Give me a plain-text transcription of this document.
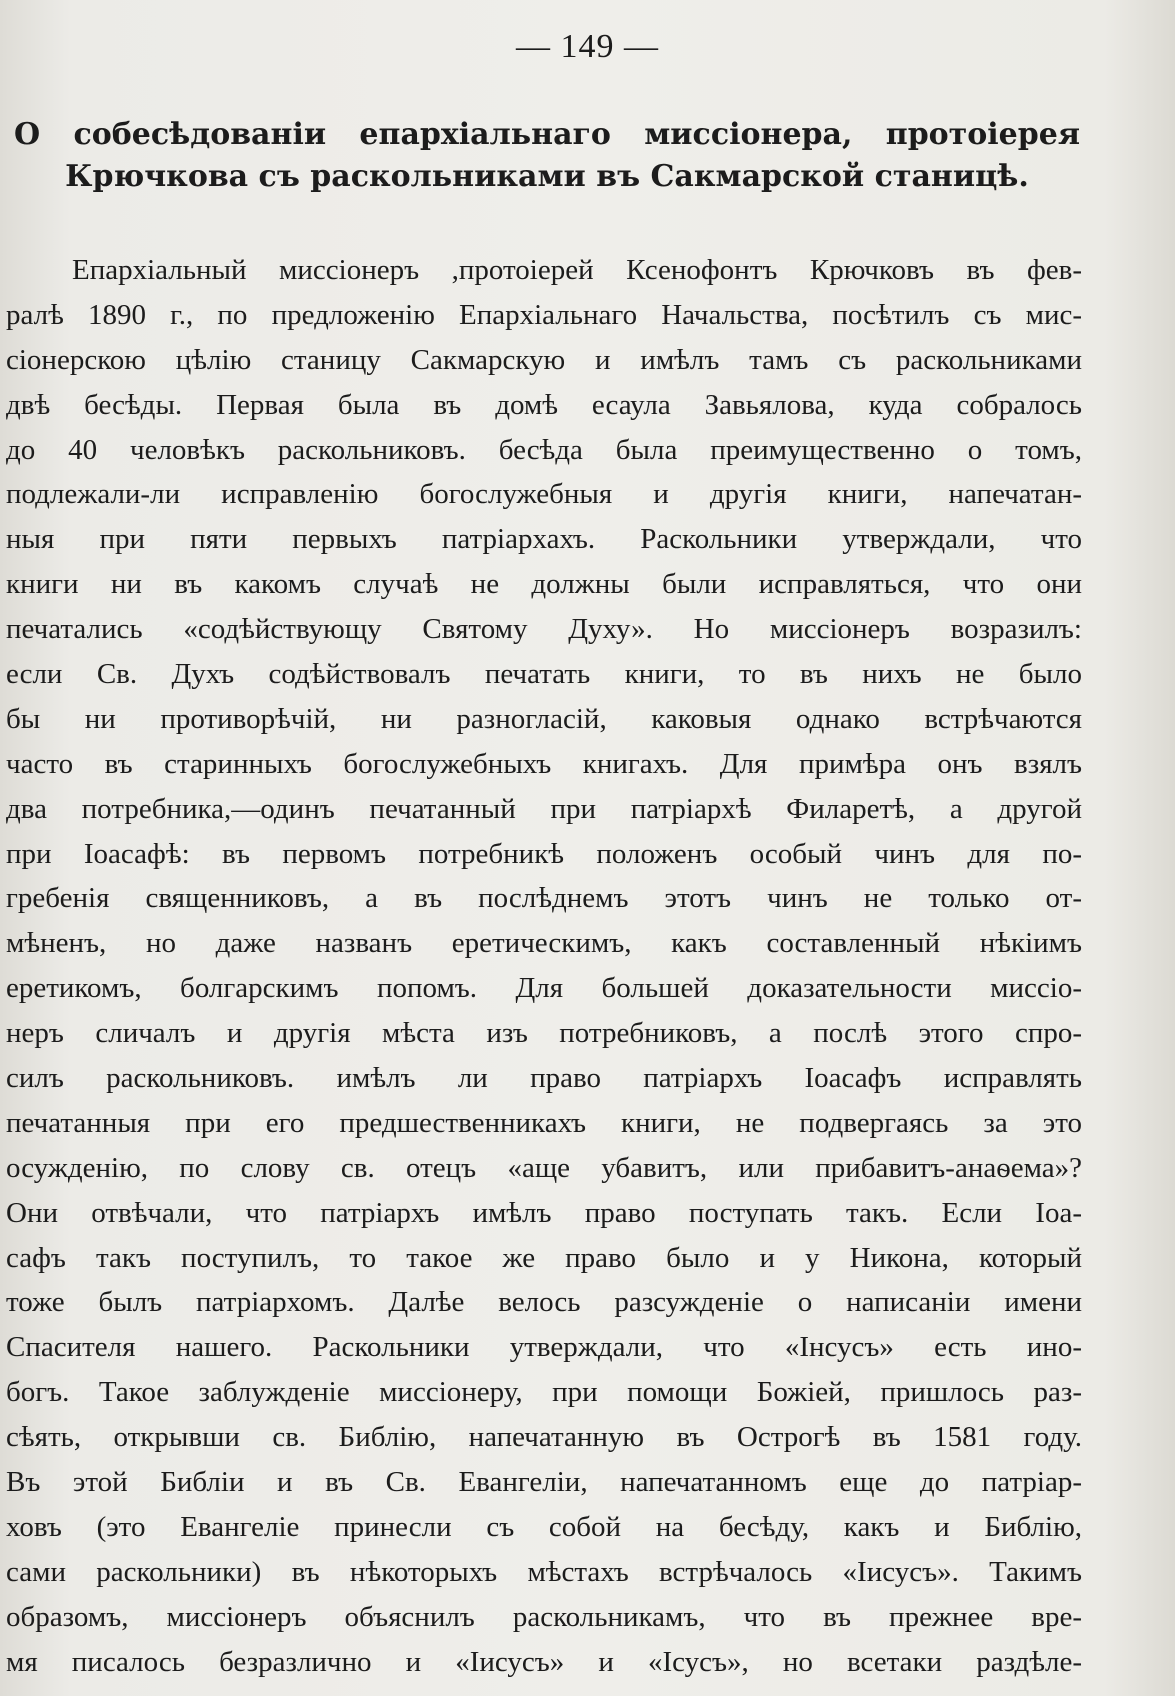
— 149 —
О собесѣдованіи епархіальнаго миссіонера, протоіерея Крючкова съ раскольниками въ Сакмарской станицѣ.
Епархіальный миссіонеръ ,протоіерей Ксенофонтъ Крючковъ въ фев-
ралѣ 1890 г., по предложенію Епархіальнаго Начальства, посѣтилъ съ мис-
сіонерскою цѣлію станицу Сакмарскую и имѣлъ тамъ съ раскольниками
двѣ бесѣды. Первая была въ домѣ есаула Завьялова, куда собралось
до 40 человѣкъ раскольниковъ. бесѣда была преимущественно о томъ,
подлежали-ли исправленію богослужебныя и другія книги, напечатан-
ныя при пяти первыхъ патріархахъ. Раскольники утверждали, что
книги ни въ какомъ случаѣ не должны были исправляться, что они
печатались «содѣйствующу Святому Духу». Но миссіонеръ возразилъ:
если Св. Духъ содѣйствовалъ печатать книги, то въ нихъ не было
бы ни противорѣчій, ни разногласій, каковыя однако встрѣчаются
часто въ старинныхъ богослужебныхъ книгахъ. Для примѣра онъ взялъ
два потребника,—одинъ печатанный при патріархѣ Филаретѣ, а другой
при Іоасафѣ: въ первомъ потребникѣ положенъ особый чинъ для по-
гребенія священниковъ, а въ послѣднемъ этотъ чинъ не только от-
мѣненъ, но даже названъ еретическимъ, какъ составленный нѣкіимъ
еретикомъ, болгарскимъ попомъ. Для большей доказательности миссіо-
неръ сличалъ и другія мѣста изъ потребниковъ, а послѣ этого спро-
силъ раскольниковъ. имѣлъ ли право патріархъ Іоасафъ исправлять
печатанныя при его предшественникахъ книги, не подвергаясь за это
осужденію, по слову св. отецъ «аще убавитъ, или прибавитъ-анаѳема»?
Они отвѣчали, что патріархъ имѣлъ право поступать такъ. Если Іоа-
сафъ такъ поступилъ, то такое же право было и у Никона, который
тоже былъ патріархомъ. Далѣе велось разсужденіе о написаніи имени
Спасителя нашего. Раскольники утверждали, что «Інсусъ» есть ино-
богъ. Такое заблужденіе миссіонеру, при помощи Божіей, пришлось раз-
сѣять, открывши св. Библію, напечатанную въ Острогѣ въ 1581 году.
Въ этой Библіи и въ Св. Евангеліи, напечатанномъ еще до патріар-
ховъ (это Евангеліе принесли съ собой на бесѣду, какъ и Библію,
сами раскольники) въ нѣкоторыхъ мѣстахъ встрѣчалось «Іисусъ». Такимъ
образомъ, миссіонеръ объяснилъ раскольникамъ, что въ прежнее вре-
мя писалось безразлично и «Іисусъ» и «Ісусъ», но всетаки раздѣле-
